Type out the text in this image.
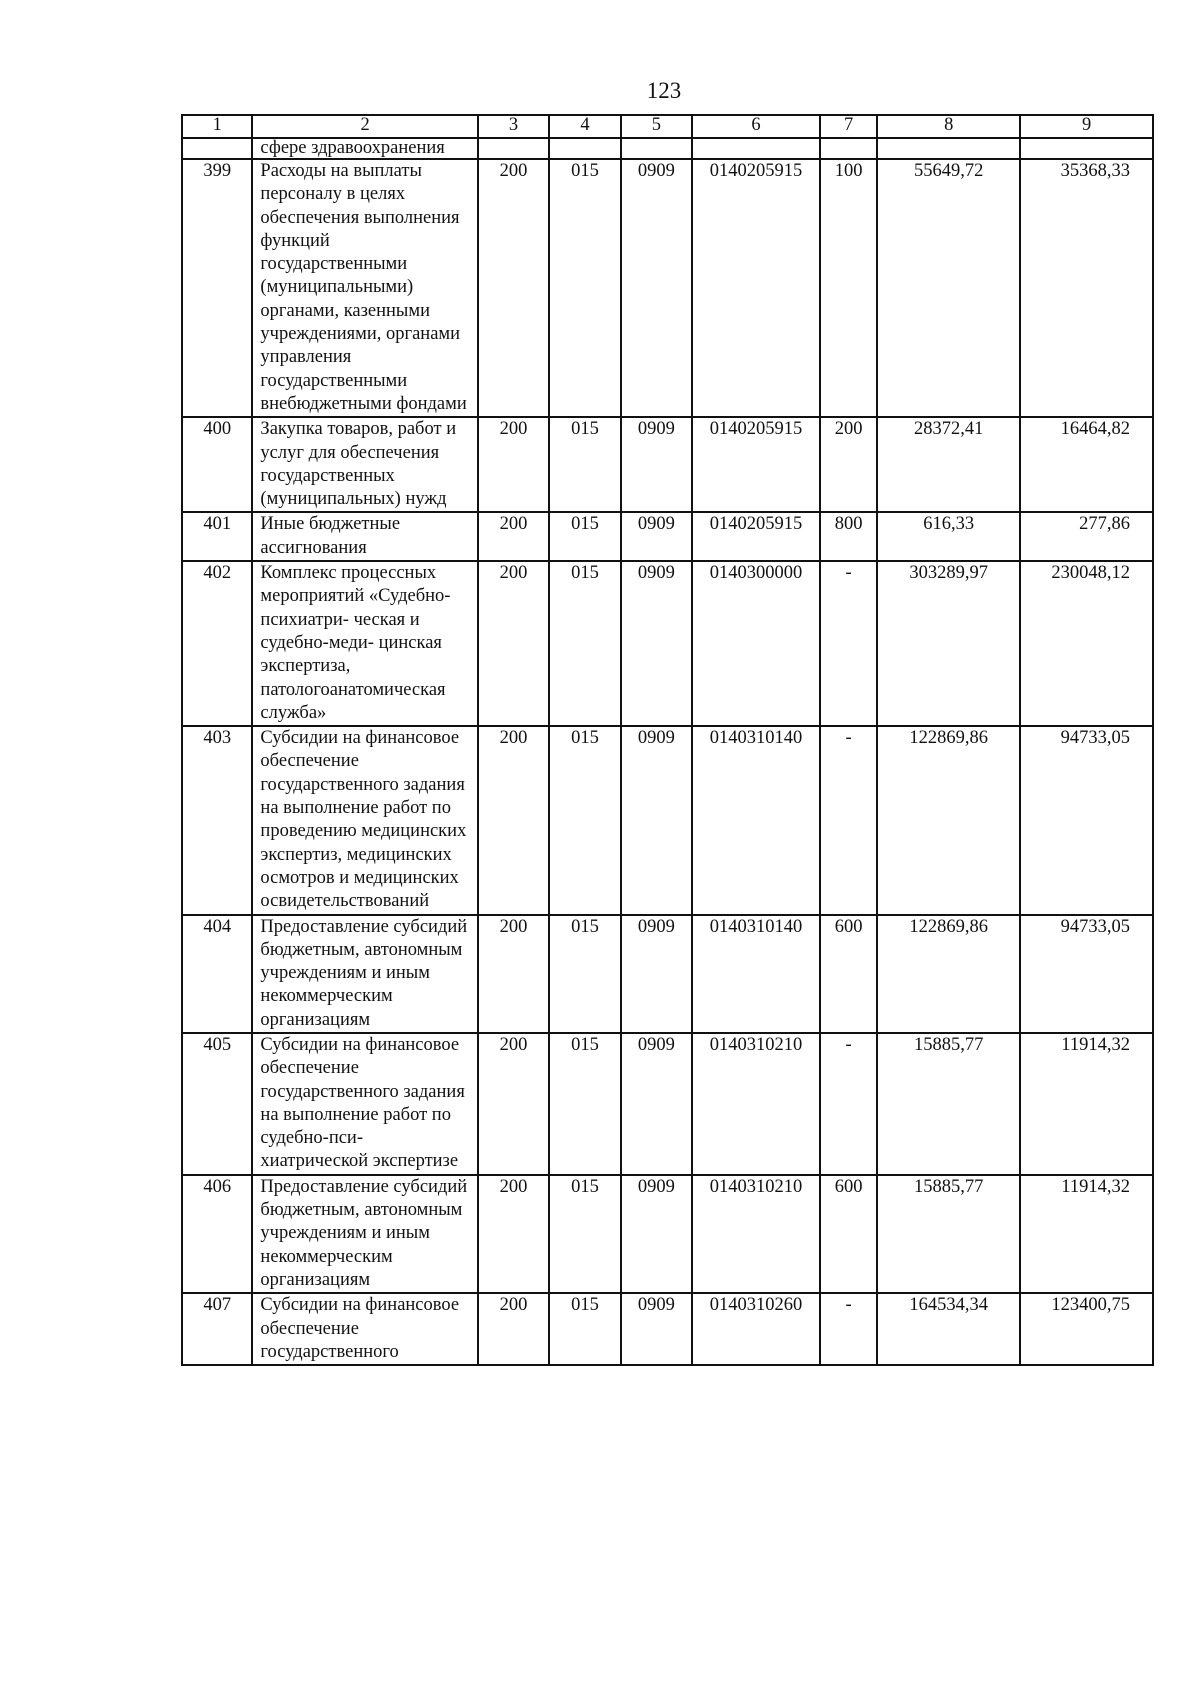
123
1	2	3	4	5	6	7	8	9
	сфере здравоохранения							
399	Расходы на выплаты персоналу в целях обеспечения выполнения функций государственными (муниципальными) органами, казенными учреждениями, органами управления государственными внебюджетными фондами	200	015	0909	0140205915	100	55649,72	35368,33
400	Закупка товаров, работ и услуг для обеспечения государственных (муниципальных) нужд	200	015	0909	0140205915	200	28372,41	16464,82
401	Иные бюджетные ассигнования	200	015	0909	0140205915	800	616,33	277,86
402	Комплекс процессных мероприятий «Судебно-психиатри- ческая и судебно-меди- цинская экспертиза, патологоанатомическая служба»	200	015	0909	0140300000	-	303289,97	230048,12
403	Субсидии на финансовое обеспечение государственного задания на выполнение работ по проведению медицинских экспертиз, медицинских осмотров и медицинских освидетельствований	200	015	0909	0140310140	-	122869,86	94733,05
404	Предоставление субсидий бюджетным, автономным учреждениям и иным некоммерческим организациям	200	015	0909	0140310140	600	122869,86	94733,05
405	Субсидии на финансовое обеспечение государственного задания на выполнение работ по судебно-пси- хиатрической экспертизе	200	015	0909	0140310210	-	15885,77	11914,32
406	Предоставление субсидий бюджетным, автономным учреждениям и иным некоммерческим организациям	200	015	0909	0140310210	600	15885,77	11914,32
407	Субсидии на финансовое обеспечение государственного	200	015	0909	0140310260	-	164534,34	123400,75
